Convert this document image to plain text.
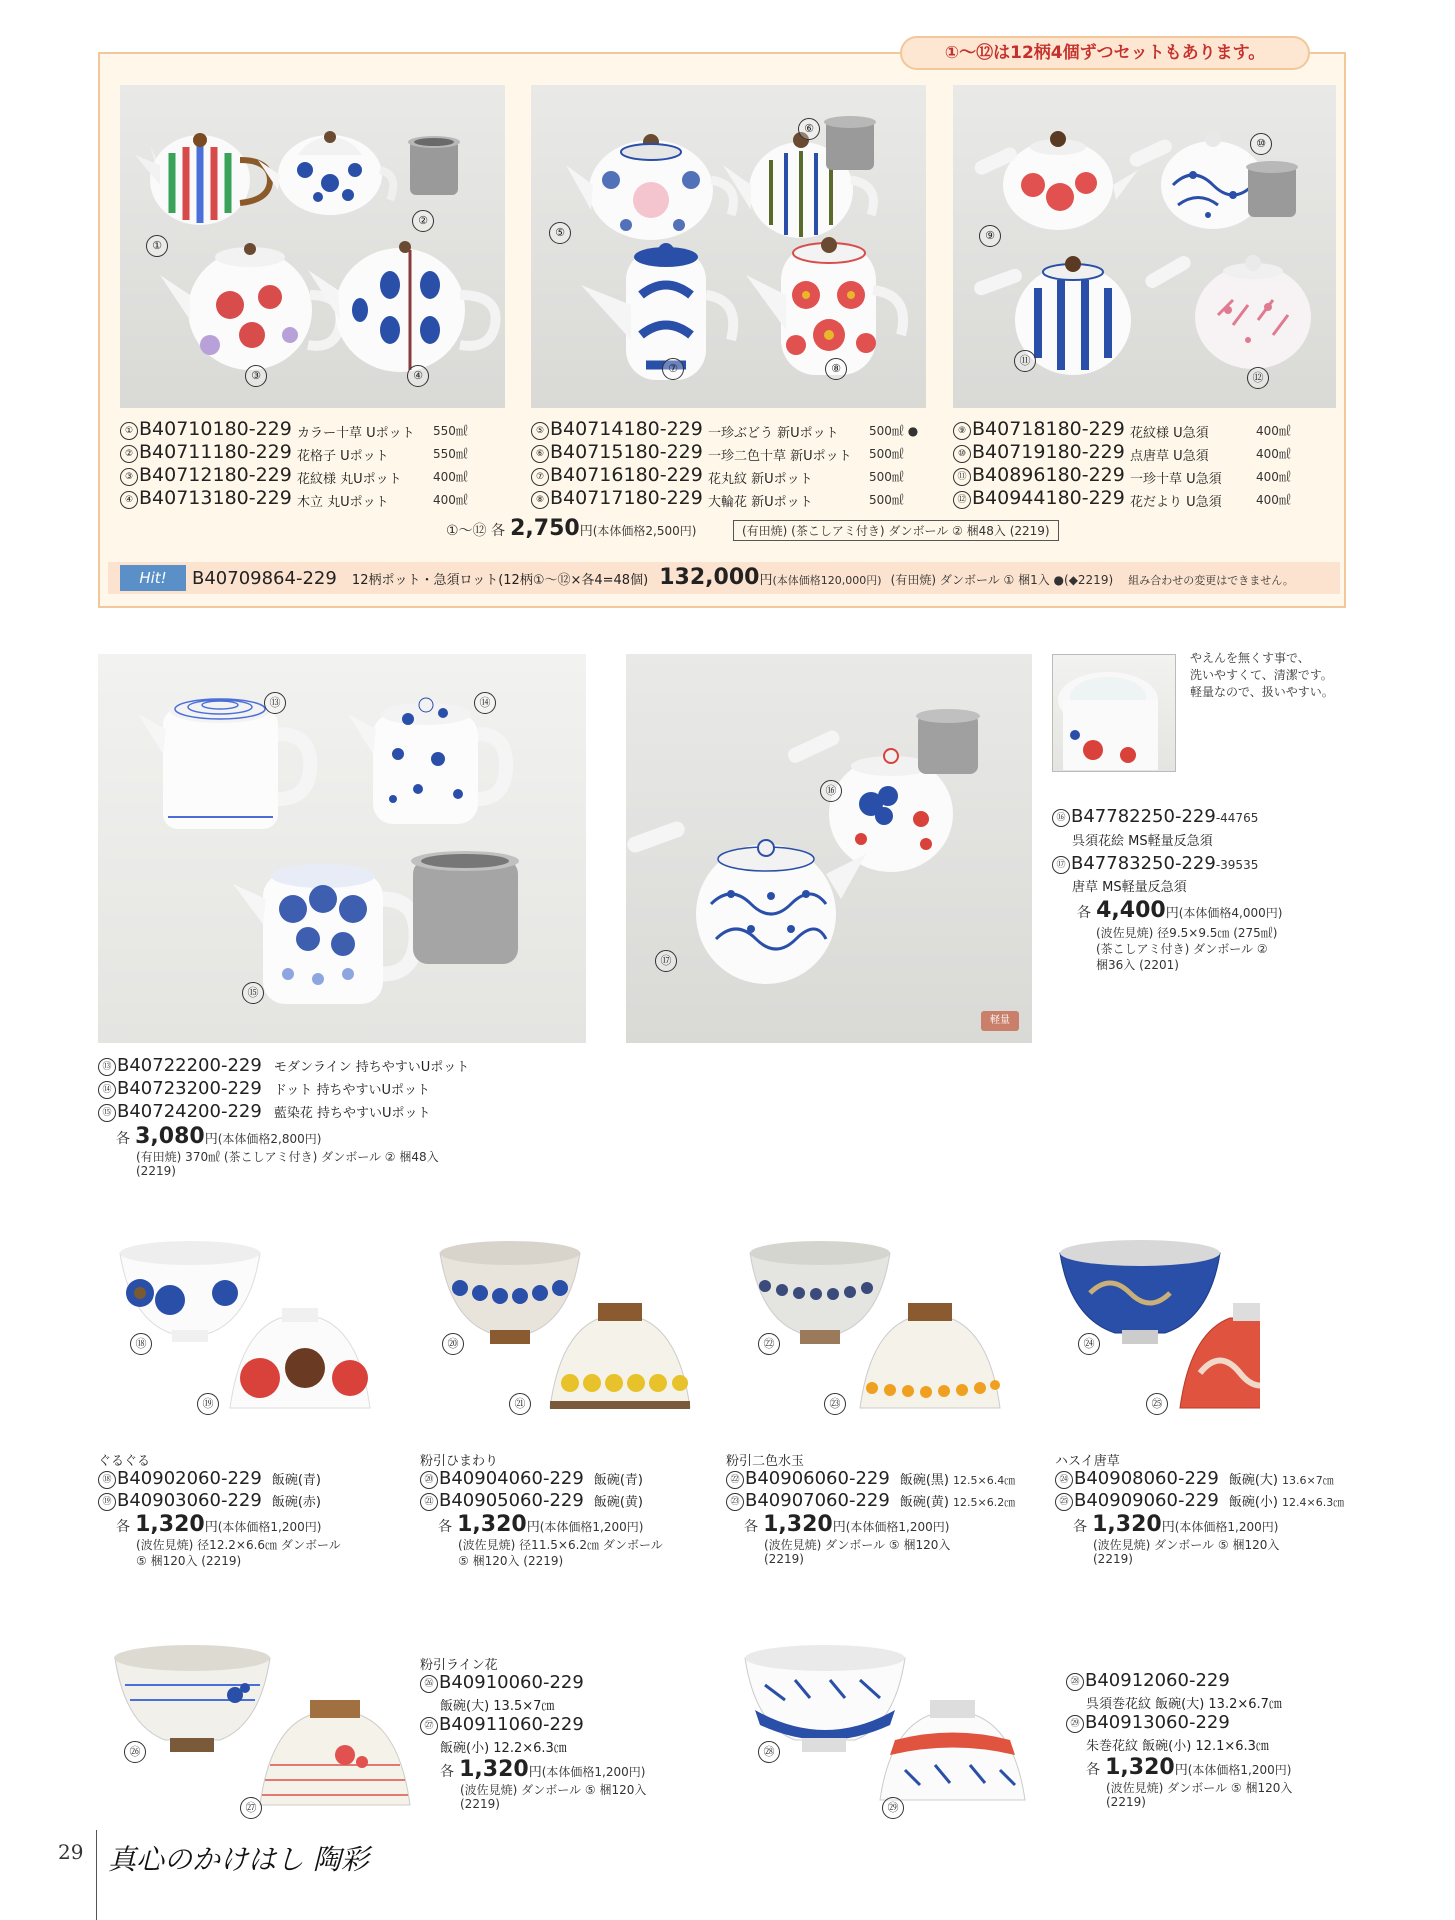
①～⑫は12柄4個ずつセットもあります。
①
②
③	④
⑤
⑥
⑦	⑧
⑨
⑩
⑪
⑫
① B40710180-229 カラー十草 Uポット 550㎖
② B40711180-229 花格子 Uポット	550㎖
③ B40712180-229 花紋様 丸Uポット	400㎖
④ B40713180-229 木立 丸Uポット	400㎖
⑤ B40714180-229 一珍ぶどう 新Uポット	500㎖ ●
⑥ B40715180-229 一珍二色十草 新Uポット 500㎖
⑦ B40716180-229 花丸紋 新Uポット	500㎖
⑧ B40717180-229 大輪花 新Uポット	500㎖
⑨ B40718180-229 花紋様 U急須	400㎖
⑩ B40719180-229 点唐草 U急須	400㎖
⑪ B40896180-229 一珍十草 U急須	400㎖
⑫ B40944180-229 花だより U急須	400㎖
①～⑫ 各 2,750円(本体価格2,500円)	(有田焼) (茶こしアミ付き) ダンボール ② 梱48入 (2219)
Hit!	B40709864-229 12柄ポット・急須ロット(12柄①～⑫×各4=48個) 132,000円(本体価格120,000円) (有田焼) ダンボール ① 梱1入 ●(◆2219) 組み合わせの変更はできません。
⑬	⑭
⑮
⑯
⑰
軽量
やえんを無くす事で、
洗いやすくて、清潔です。
軽量なので、扱いやすい。
⑯ B47782250-229-44765
呉須花絵 MS軽量反急須
⑰ B47783250-229-39535
唐草 MS軽量反急須
各 4,400円(本体価格4,000円)
(波佐見焼) 径9.5×9.5㎝ (275㎖)
(茶こしアミ付き) ダンボール ②
梱36入 (2201)
⑬ B40722200-229 モダンライン 持ちやすいUポット
⑭ B40723200-229 ドット 持ちやすいUポット
⑮ B40724200-229 藍染花 持ちやすいUポット
各 3,080円(本体価格2,800円)
(有田焼) 370㎖ (茶こしアミ付き) ダンボール ② 梱48入
(2219)
⑱
⑲
⑳
㉑
㉒
㉓
㉔
㉕
ぐるぐる
⑱ B40902060-229 飯碗(青)
⑲ B40903060-229 飯碗(赤)
各 1,320円(本体価格1,200円)
(波佐見焼) 径12.2×6.6㎝ ダンボール
⑤ 梱120入 (2219)
粉引ひまわり
⑳ B40904060-229 飯碗(青)
㉑ B40905060-229 飯碗(黄)
各 1,320円(本体価格1,200円)
(波佐見焼) 径11.5×6.2㎝ ダンボール
⑤ 梱120入 (2219)
粉引二色水玉
㉒ B40906060-229 飯碗(黒) 12.5×6.4㎝
㉓ B40907060-229 飯碗(黄) 12.5×6.2㎝
各 1,320円(本体価格1,200円)
(波佐見焼) ダンボール ⑤ 梱120入
(2219)
ハスイ唐草
㉔ B40908060-229 飯碗(大) 13.6×7㎝
㉕ B40909060-229 飯碗(小) 12.4×6.3㎝
各 1,320円(本体価格1,200円)
(波佐見焼) ダンボール ⑤ 梱120入
(2219)
㉖
㉗
㉘
㉙
粉引ライン花
㉖ B40910060-229
飯碗(大) 13.5×7㎝
㉗ B40911060-229
飯碗(小) 12.2×6.3㎝
各 1,320円(本体価格1,200円)
(波佐見焼) ダンボール ⑤ 梱120入
(2219)
㉘ B40912060-229
呉須巻花紋 飯碗(大) 13.2×6.7㎝
㉙ B40913060-229
朱巻花紋 飯碗(小) 12.1×6.3㎝
各 1,320円(本体価格1,200円)
(波佐見焼) ダンボール ⑤ 梱120入
(2219)
29 真心のかけはし 陶彩
